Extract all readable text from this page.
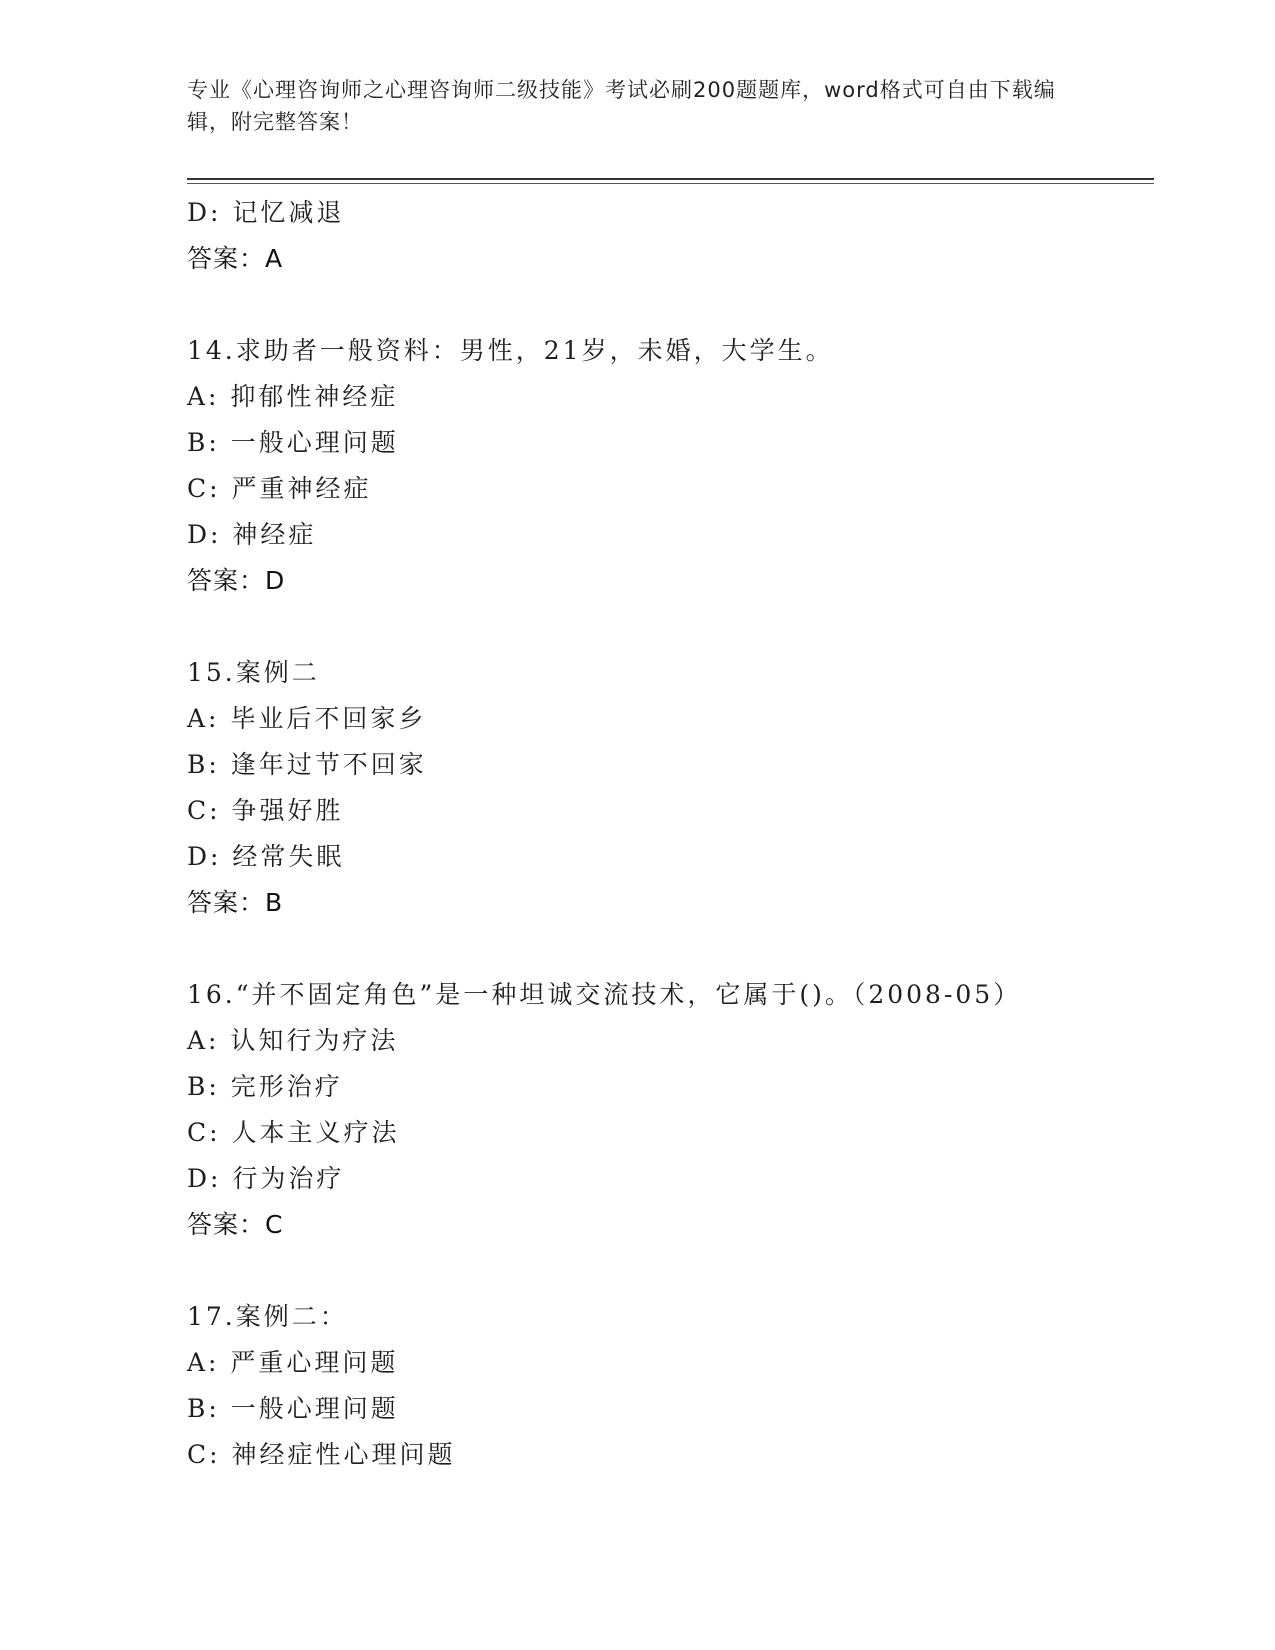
专业《心理咨询师之心理咨询师二级技能》考试必刷200题题库，word格式可自由下载编辑，附完整答案！
D: 记忆减退
答案：A
14.求助者一般资料：男性，21岁，未婚，大学生。
A: 抑郁性神经症
B: 一般心理问题
C: 严重神经症
D: 神经症
答案：D
15.案例二
A: 毕业后不回家乡
B: 逢年过节不回家
C: 争强好胜
D: 经常失眠
答案：B
16.“并不固定角色”是一种坦诚交流技术，它属于()。（2008-05）
A: 认知行为疗法
B: 完形治疗
C: 人本主义疗法
D: 行为治疗
答案：C
17.案例二：
A: 严重心理问题
B: 一般心理问题
C: 神经症性心理问题
